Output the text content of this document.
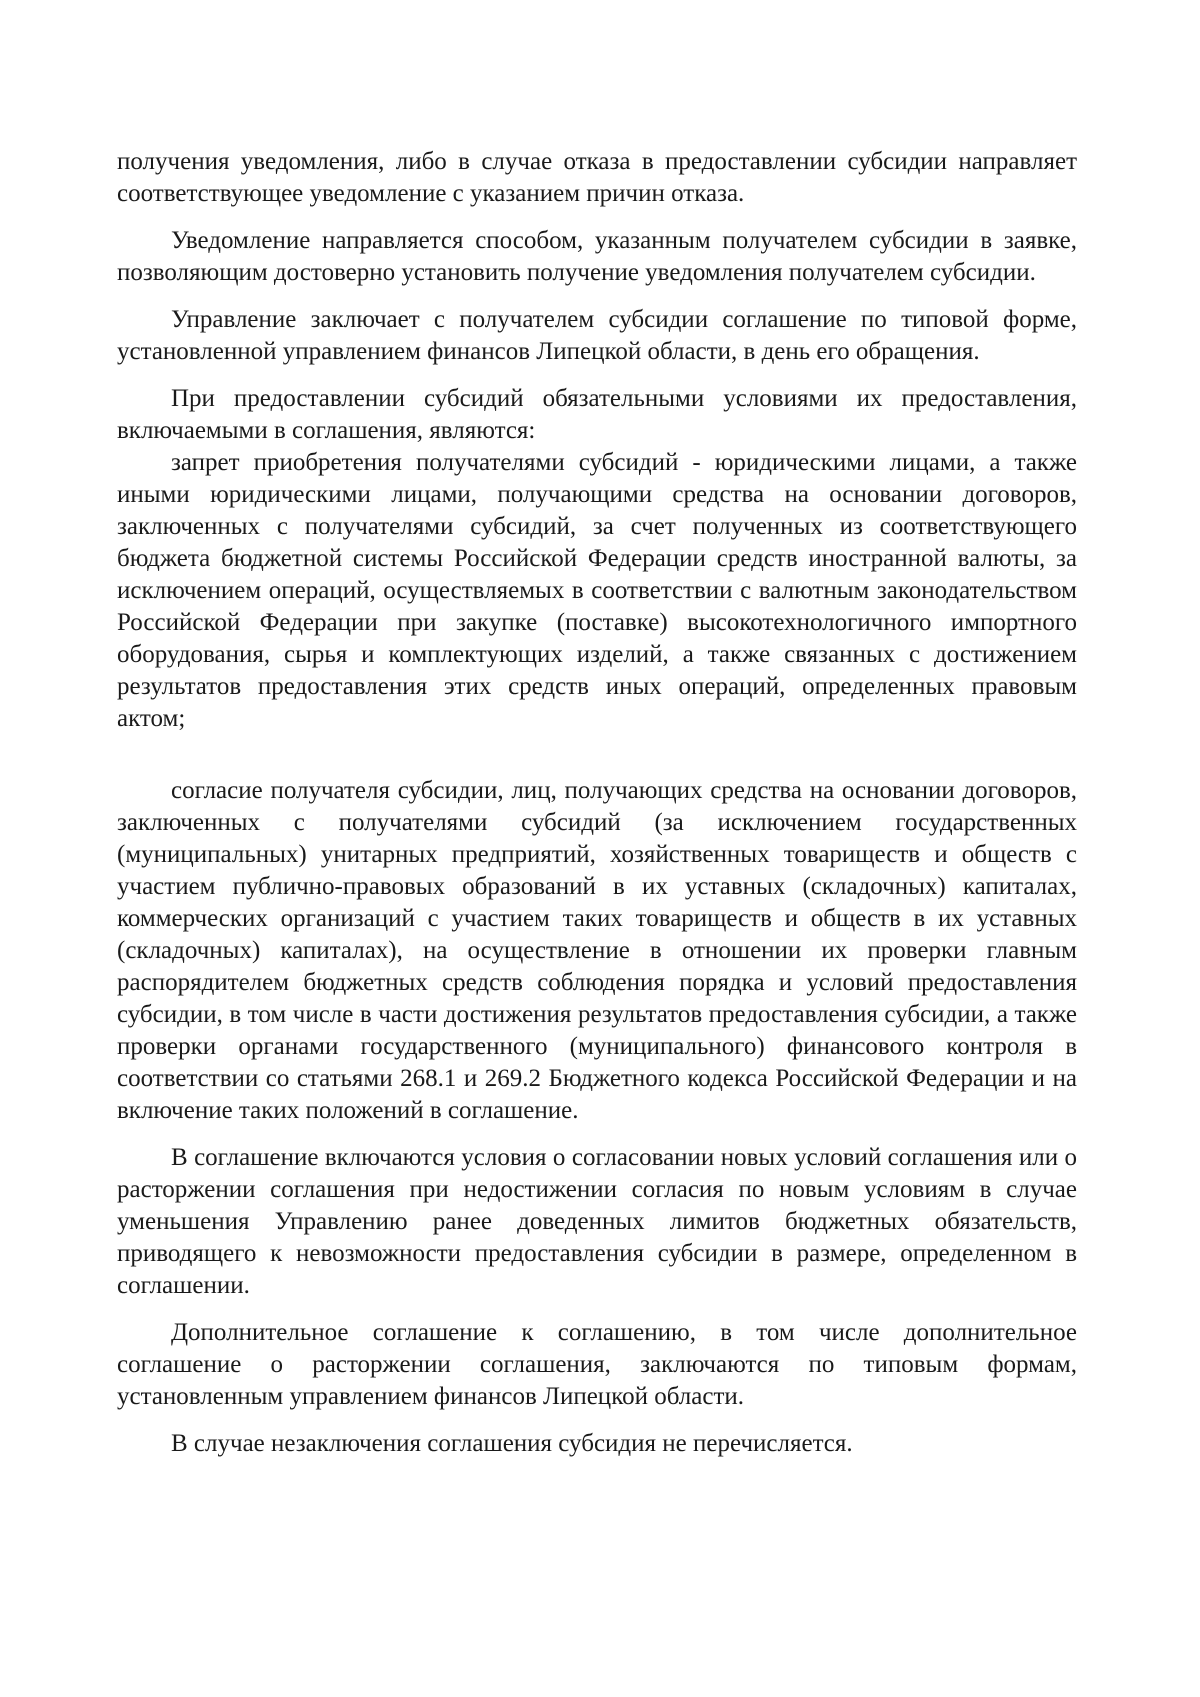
получения уведомления, либо в случае отказа в предоставлении субсидии направляет соответствующее уведомление с указанием причин отказа.

Уведомление направляется способом, указанным получателем субсидии в заявке, позволяющим достоверно установить получение уведомления получателем субсидии.

Управление заключает с получателем субсидии соглашение по типовой форме, установленной управлением финансов Липецкой области, в день его обращения.

При предоставлении субсидий обязательными условиями их предоставления, включаемыми в соглашения, являются:

запрет приобретения получателями субсидий - юридическими лицами, а также иными юридическими лицами, получающими средства на основании договоров, заключенных с получателями субсидий, за счет полученных из соответствующего бюджета бюджетной системы Российской Федерации средств иностранной валюты, за исключением операций, осуществляемых в соответствии с валютным законодательством Российской Федерации при закупке (поставке) высокотехнологичного импортного оборудования, сырья и комплектующих изделий, а также связанных с достижением результатов предоставления этих средств иных операций, определенных правовым актом;

согласие получателя субсидии, лиц, получающих средства на основании договоров, заключенных с получателями субсидий (за исключением государственных (муниципальных) унитарных предприятий, хозяйственных товариществ и обществ с участием публично-правовых образований в их уставных (складочных) капиталах, коммерческих организаций с участием таких товариществ и обществ в их уставных (складочных) капиталах), на осуществление в отношении их проверки главным распорядителем бюджетных средств соблюдения порядка и условий предоставления субсидии, в том числе в части достижения результатов предоставления субсидии, а также проверки органами государственного (муниципального) финансового контроля в соответствии со статьями 268.1 и 269.2 Бюджетного кодекса Российской Федерации и на включение таких положений в соглашение.

В соглашение включаются условия о согласовании новых условий соглашения или о расторжении соглашения при недостижении согласия по новым условиям в случае уменьшения Управлению ранее доведенных лимитов бюджетных обязательств, приводящего к невозможности предоставления субсидии в размере, определенном в соглашении.

Дополнительное соглашение к соглашению, в том числе дополнительное соглашение о расторжении соглашения, заключаются по типовым формам, установленным управлением финансов Липецкой области.

В случае незаключения соглашения субсидия не перечисляется.
